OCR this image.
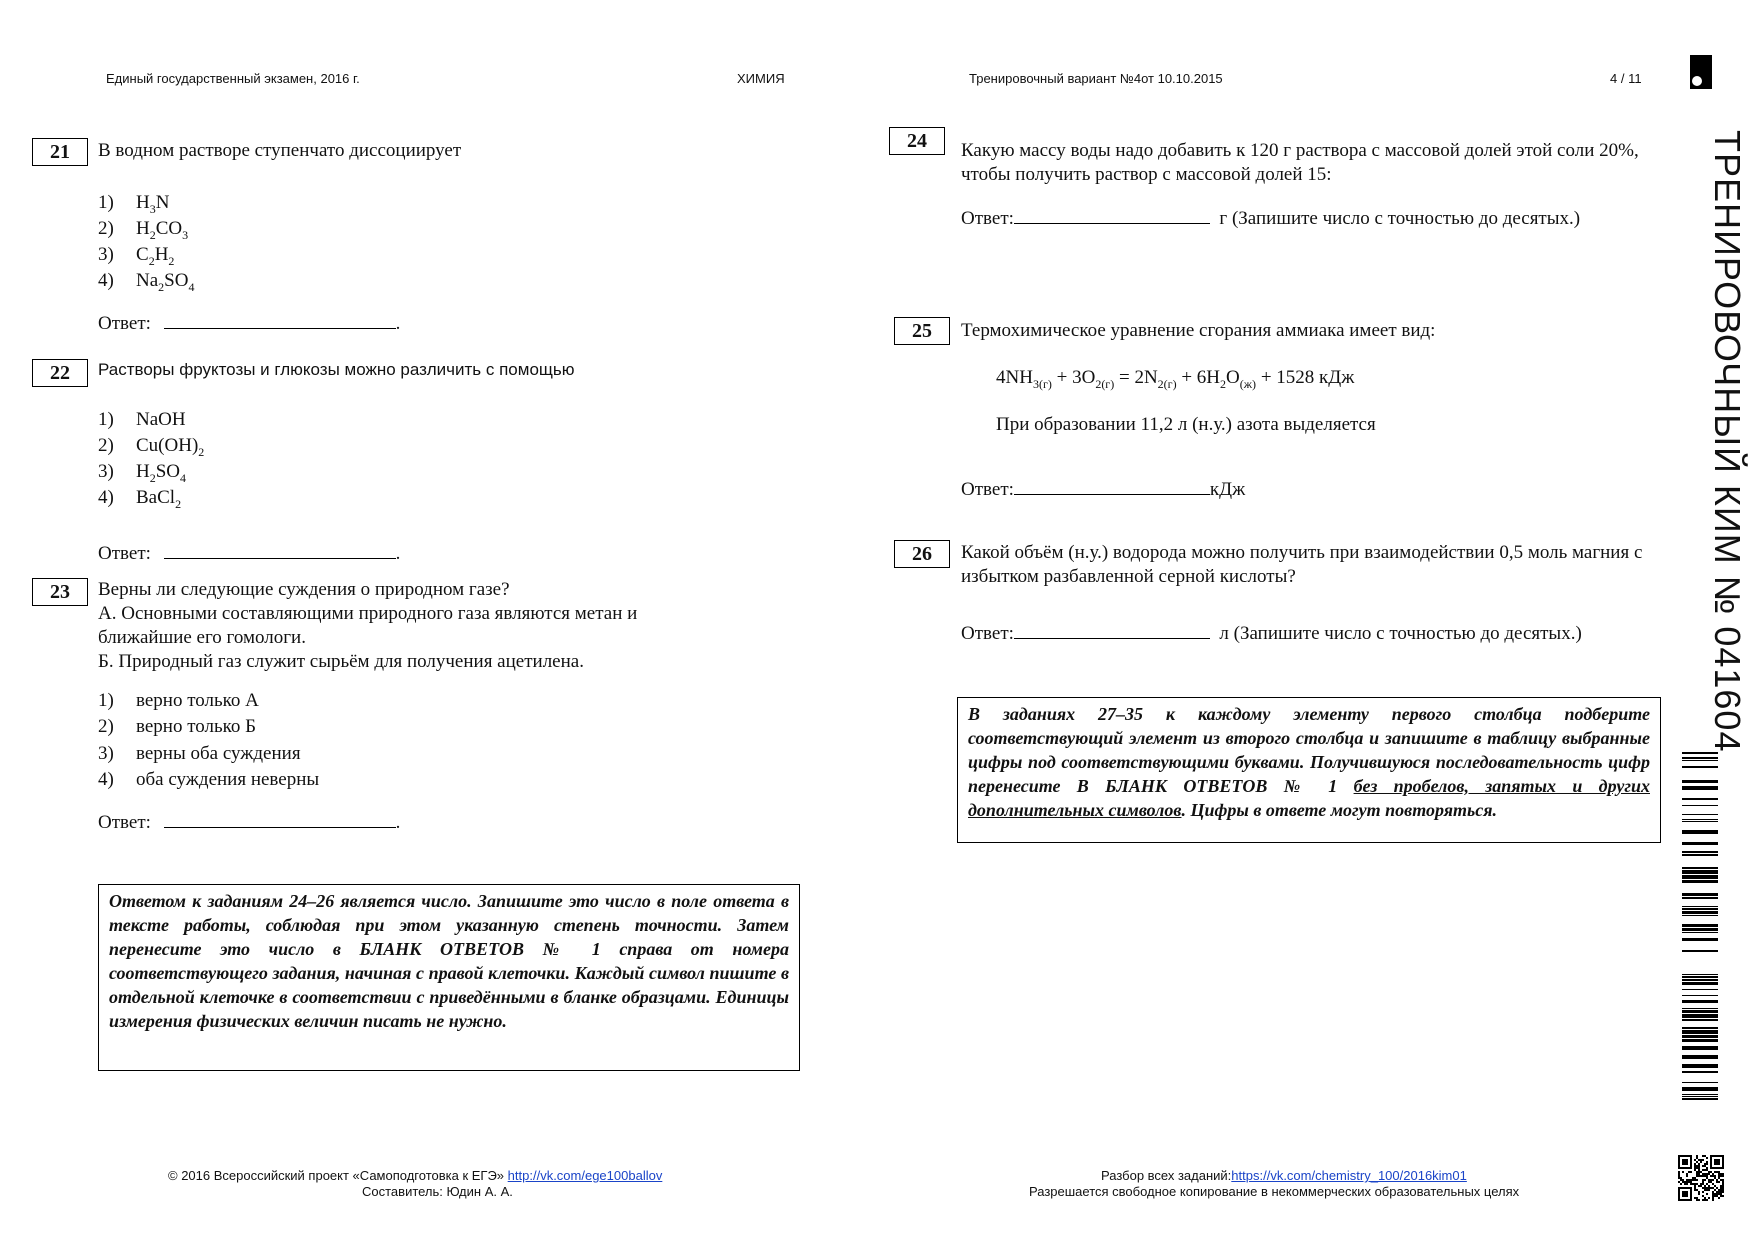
Единый государственный экзамен, 2016 г.	ХИМИЯ	Тренировочный вариант №4от 10.10.2015	4 / 11
21	В водном растворе ступенчато диссоциирует
1) $H_3N$
2) $H_2CO_3$
3) $C_2H_2$
4) $Na_2SO_4$
Ответ:	.
22	Растворы фруктозы и глюкозы можно различить с помощью
1) NaOH
2) $Cu(OH)_2$
3) $H_2SO_4$
4) BaCl$_2$
Ответ:	.
23	Верны ли следующие суждения о природном газе?
А. Основными составляющими природного газа являются метан и
ближайшие его гомологи.
Б. Природный газ служит сырьём для получения ацетилена.
1) верно только А
2) верно только Б
3) верны оба суждения
4) оба суждения неверны
Ответ:	.
Ответом к заданиям 24–26 является число. Запишите это число в поле ответа в тексте работы, соблюдая при этом указанную степень точности. Затем перенесите это число в БЛАНК ОТВЕТОВ № 1 справа от номера соответствующего задания, начиная с правой клеточки. Каждый символ пишите в отдельной клеточке в соответствии с приведёнными в бланке образцами. Единицы измерения физических величин писать не нужно.
24	Какую массу воды надо добавить к 120 г раствора с массовой долей этой соли 20%, чтобы получить раствор с массовой долей 15:
Ответ:	г (Запишите число с точностью до десятых.)
25	Термохимическое уравнение сгорания аммиака имеет вид:
$4NH_{3(г)} + 3O_{2(г)} = 2N_{2(г)} + 6H_2O_{(ж)} + 1528$ кДж
При образовании 11,2 л (н.у.) азота выделяется
Ответ:	кДж
26	Какой объём (н.у.) водорода можно получить при взаимодействии 0,5 моль магния с избытком разбавленной серной кислоты?
Ответ:	л (Запишите число с точностью до десятых.)
В заданиях 27–35 к каждому элементу первого столбца подберите соответствующий элемент из второго столбца и запишите в таблицу выбранные цифры под соответствующими буквами. Получившуюся последовательность цифр перенесите В БЛАНК ОТВЕТОВ № 1 без пробелов, запятых и других дополнительных символов. Цифры в ответе могут повторяться.
ТРЕНИРОВОЧНЫЙ КИМ № 041604
© 2016 Всероссийский проект «Самоподготовка к ЕГЭ» http://vk.com/ege100ballov
Составитель: Юдин А. А.
Разбор всех заданий:https://vk.com/chemistry_100/2016kim01
Разрешается свободное копирование в некоммерческих образовательных целях
